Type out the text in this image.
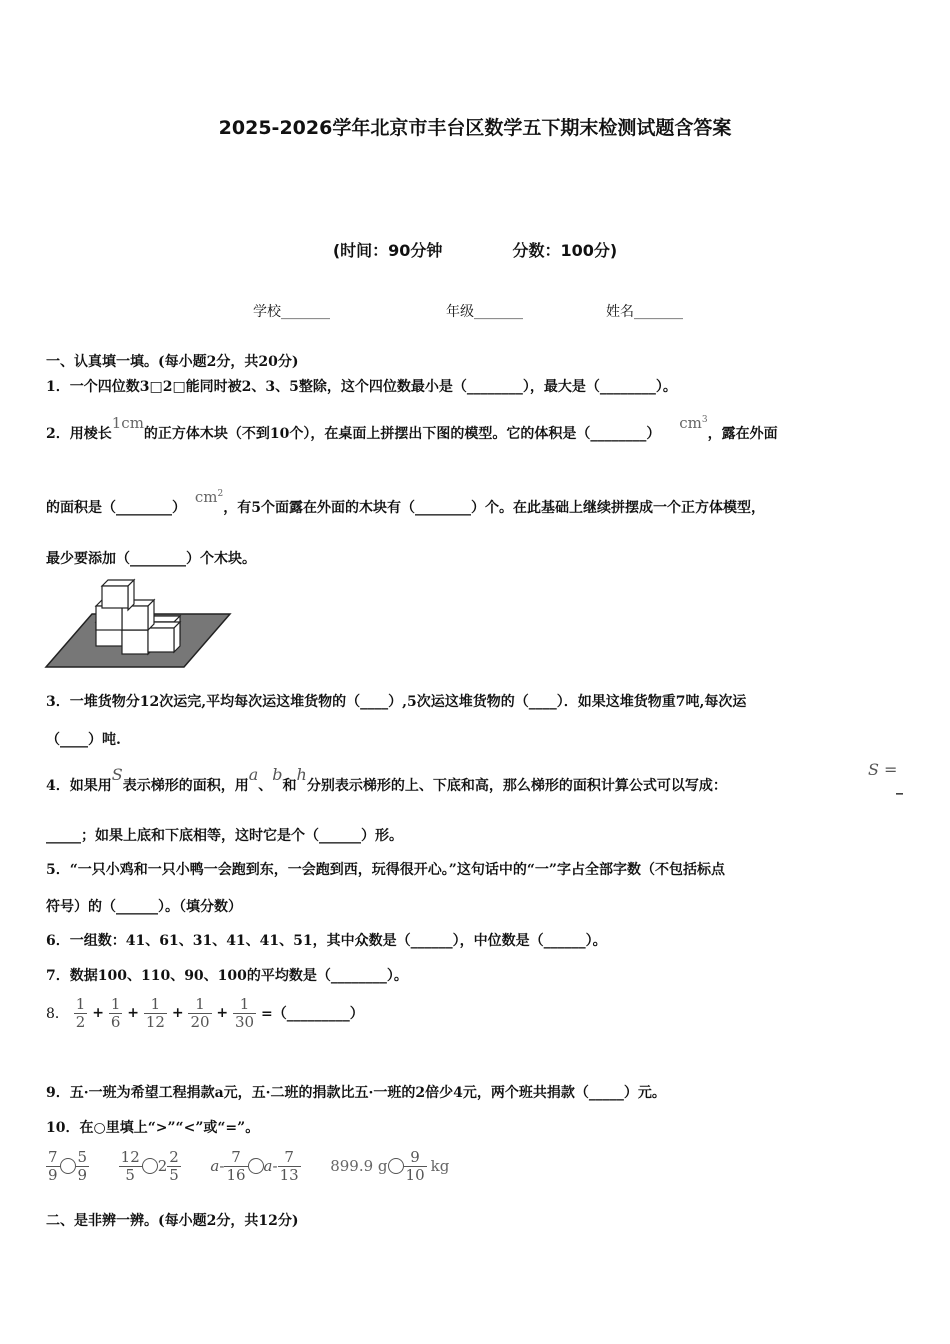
2025-2026学年北京市丰台区数学五下期末检测试题含答案
(时间：90分钟	分数：100分)
学校_______	年级_______	姓名_______
一、认真填一填。(每小题2分，共20分)
1．一个四位数3□2□能同时被2、3、5整除，这个四位数最小是（________），最大是（________）。
2．用棱长1cm的正方体木块（不到10个），在桌面上拼摆出下图的模型。它的体积是（________） $cm^3$，露在外面
的面积是（________） $cm^2$，有5个面露在外面的木块有（________）个。在此基础上继续拼摆成一个正方体模型，
最少要添加（________）个木块。
3．一堆货物分12次运完,平均每次运这堆货物的（____）,5次运这堆货物的（____）．如果这堆货物重7吨,每次运
（____）吨.
4．如果用S表示梯形的面积，用a、b和h分别表示梯形的上、下底和高，那么梯形的面积计算公式可以写成：
S =
_
_____；如果上底和下底相等，这时它是个（______）形。
5．“一只小鸡和一只小鸭一会跑到东，一会跑到西，玩得很开心。”这句话中的“一”字占全部字数（不包括标点
符号）的（______）。（填分数）
6．一组数：41、61、31、41、41、51，其中众数是（______），中位数是（______）。
7．数据100、110、90、100的平均数是（________）。
8． $\frac{1}{2} + \frac{1}{6} + \frac{1}{12} + \frac{1}{20} + \frac{1}{30}$ =（_________）
9．五·一班为希望工程捐款a元，五·二班的捐款比五·一班的2倍少4元，两个班共捐款（_____）元。
10．在○里填上“>”“<”或“=”。
$\frac{7}{9} \frac{5}{9}$
$\frac{12}{5} 2 \frac{2}{5} a- \frac{7}{16} a- \frac{7}{13} 899.9$ g $\frac{9}{10}$ kg
二、是非辨一辨。(每小题2分，共12分)
